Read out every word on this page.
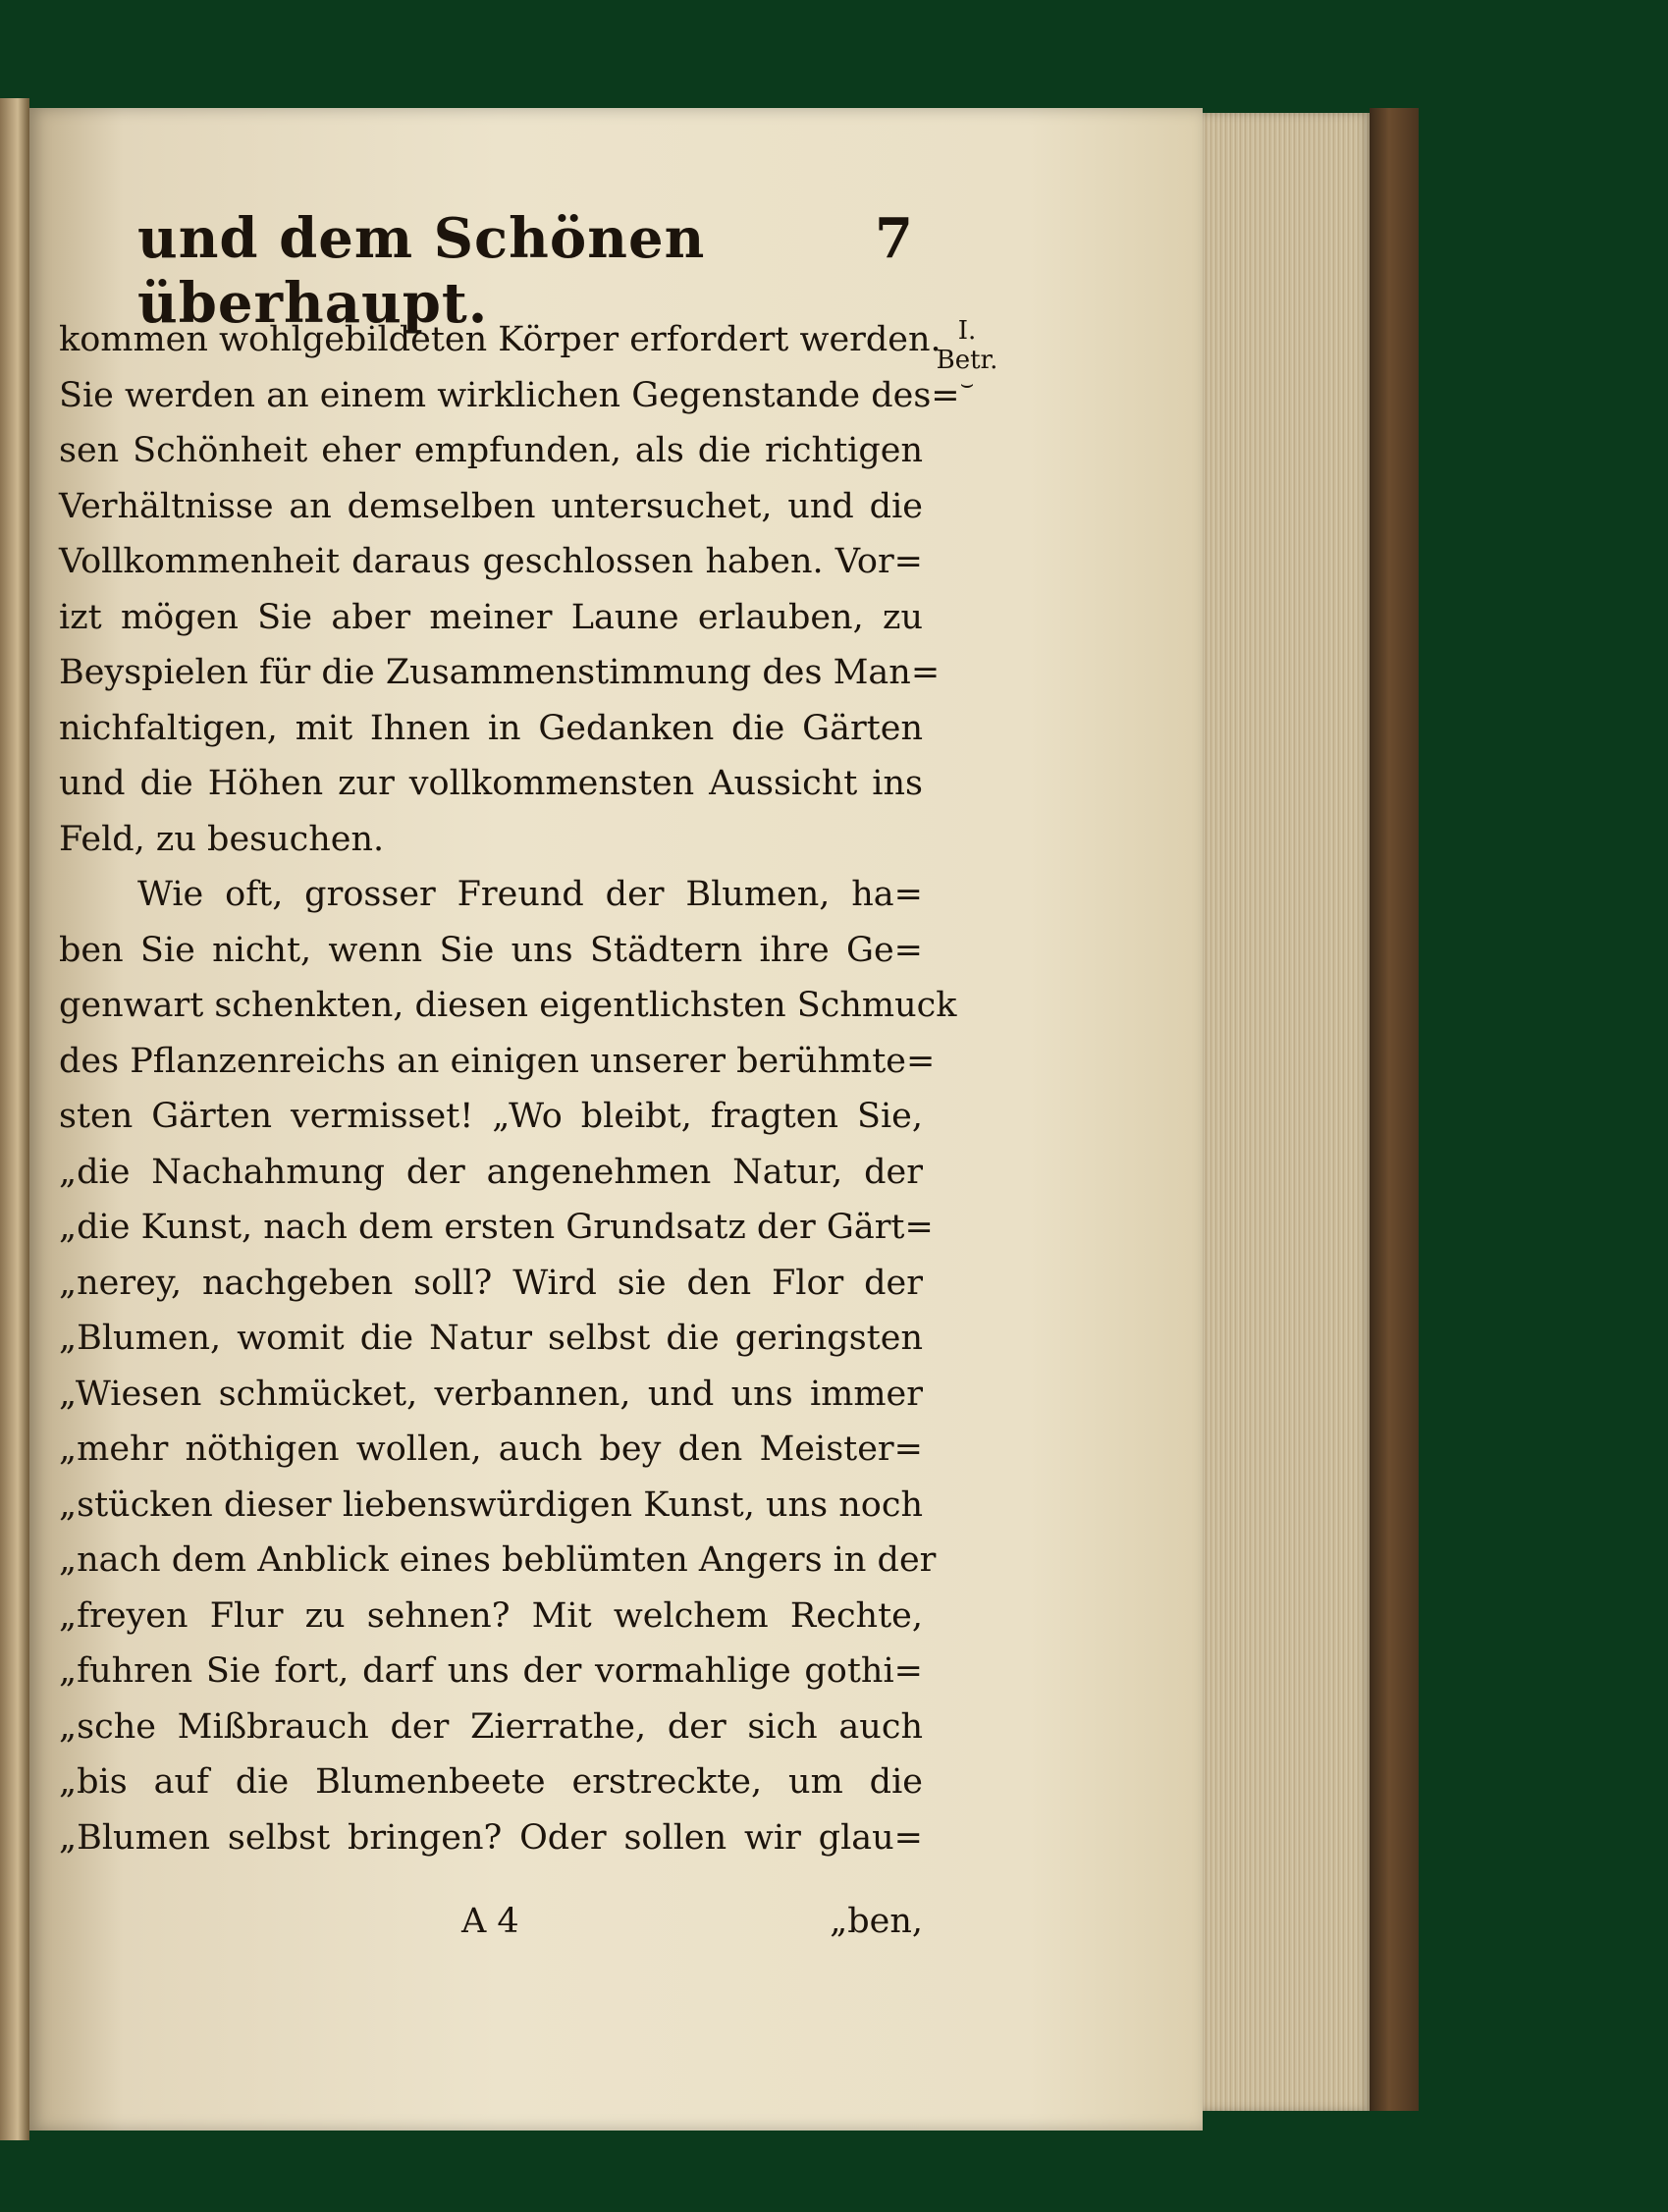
und dem Schönen überhaupt.
7
I.
Betr.
⌣
kommen wohlgebildeten Körper erfordert werden.
Sie werden an einem wirklichen Gegenstande des=
sen Schönheit eher empfunden, als die richtigen
Verhältnisse an demselben untersuchet, und die
Vollkommenheit daraus geschlossen haben. Vor=
izt mögen Sie aber meiner Laune erlauben, zu
Beyspielen für die Zusammenstimmung des Man=
nichfaltigen, mit Ihnen in Gedanken die Gärten
und die Höhen zur vollkommensten Aussicht ins
Feld, zu besuchen.
Wie oft, grosser Freund der Blumen, ha=
ben Sie nicht, wenn Sie uns Städtern ihre Ge=
genwart schenkten, diesen eigentlichsten Schmuck
des Pflanzenreichs an einigen unserer berühmte=
sten Gärten vermisset! „Wo bleibt, fragten Sie,
„die Nachahmung der angenehmen Natur, der
„die Kunst, nach dem ersten Grundsatz der Gärt=
„nerey, nachgeben soll? Wird sie den Flor der
„Blumen, womit die Natur selbst die geringsten
„Wiesen schmücket, verbannen, und uns immer
„mehr nöthigen wollen, auch bey den Meister=
„stücken dieser liebenswürdigen Kunst, uns noch
„nach dem Anblick eines beblümten Angers in der
„freyen Flur zu sehnen? Mit welchem Rechte,
„fuhren Sie fort, darf uns der vormahlige gothi=
„sche Mißbrauch der Zierrathe, der sich auch
„bis auf die Blumenbeete erstreckte, um die
„Blumen selbst bringen? Oder sollen wir glau=
A 4	„ben,
